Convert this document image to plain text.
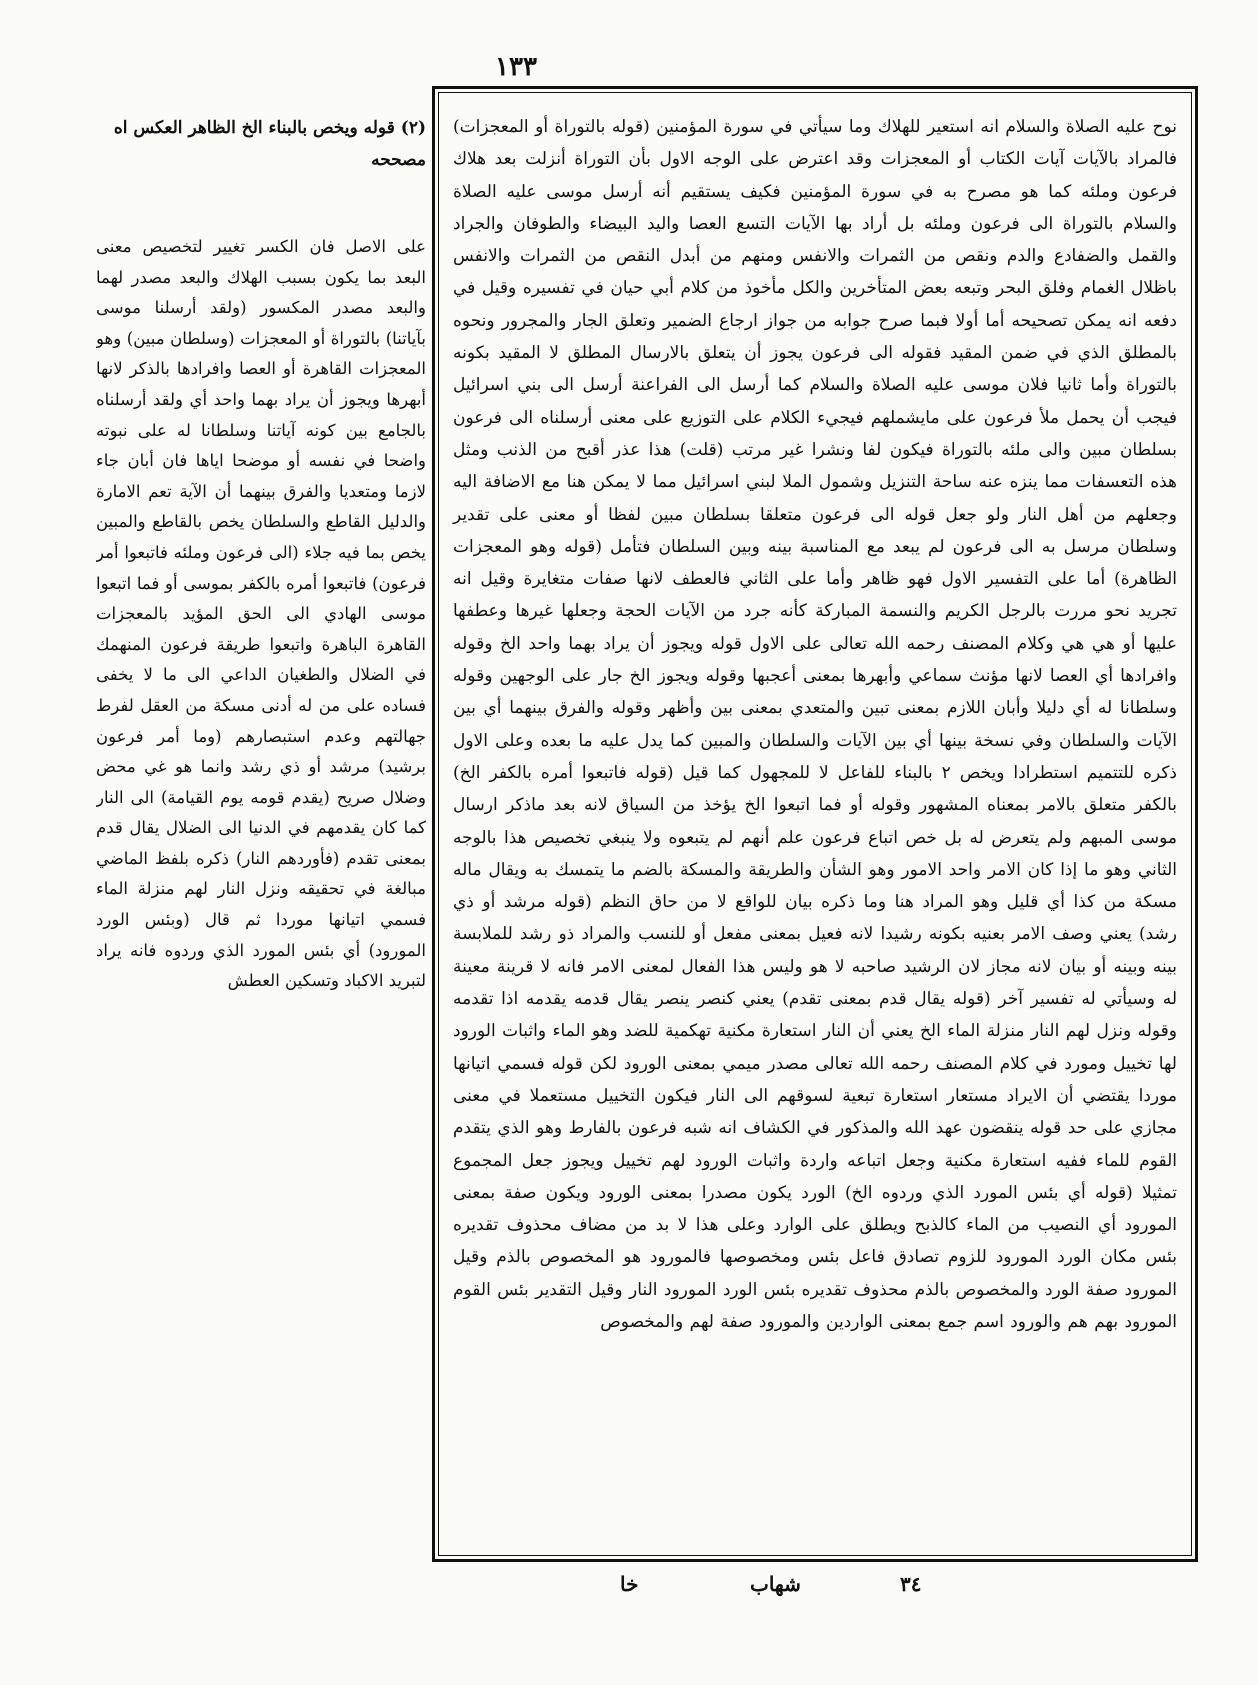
١٣٣

نوح عليه الصلاة والسلام انه استعير للهلاك وما سيأتي في سورة المؤمنين (قوله بالتوراة أو المعجزات) فالمراد بالآيات آيات الكتاب أو المعجزات وقد اعترض على الوجه الاول بأن التوراة أنزلت بعد هلاك فرعون وملئه كما هو مصرح به في سورة المؤمنين فكيف يستقيم أنه أرسل موسى عليه الصلاة والسلام بالتوراة الى فرعون وملئه بل أراد بها الآيات التسع العصا واليد البيضاء والطوفان والجراد والقمل والضفادع والدم ونقص من الثمرات والانفس ومنهم من أبدل النقص من الثمرات والانفس باظلال الغمام وفلق البحر وتبعه بعض المتأخرين والكل مأخوذ من كلام أبي حيان في تفسيره وقيل في دفعه انه يمكن تصحيحه أما أولا فبما صرح جوابه من جواز ارجاع الضمير وتعلق الجار والمجرور ونحوه بالمطلق الذي في ضمن المقيد فقوله الى فرعون يجوز أن يتعلق بالارسال المطلق لا المقيد بكونه بالتوراة وأما ثانيا فلان موسى عليه الصلاة والسلام كما أرسل الى الفراعنة أرسل الى بني اسرائيل فيجب أن يحمل ملأ فرعون على مايشملهم فيجيء الكلام على التوزيع على معنى أرسلناه الى فرعون بسلطان مبين والى ملئه بالتوراة فيكون لفا ونشرا غير مرتب (قلت) هذا عذر أقبح من الذنب ومثل هذه التعسفات مما ينزه عنه ساحة التنزيل وشمول الملا لبني اسرائيل مما لا يمكن هنا مع الاضافة اليه وجعلهم من أهل النار ولو جعل قوله الى فرعون متعلقا بسلطان مبين لفظا أو معنى على تقدير وسلطان مرسل به الى فرعون لم يبعد مع المناسبة بينه وبين السلطان فتأمل (قوله وهو المعجزات الظاهرة) أما على التفسير الاول فهو ظاهر وأما على الثاني فالعطف لانها صفات متغايرة وقيل انه تجريد نحو مررت بالرجل الكريم والنسمة المباركة كأنه جرد من الآيات الحجة وجعلها غيرها وعطفها عليها أو هي هي وكلام المصنف رحمه الله تعالى على الاول قوله ويجوز أن يراد بهما واحد الخ وقوله وافرادها أي العصا لانها مؤنث سماعي وأبهرها بمعنى أعجبها وقوله ويجوز الخ جار على الوجهين وقوله وسلطانا له أي دليلا وأبان اللازم بمعنى تبين والمتعدي بمعنى بين وأظهر وقوله والفرق بينهما أي بين الآيات والسلطان وفي نسخة بينها أي بين الآيات والسلطان والمبين كما يدل عليه ما بعده وعلى الاول ذكره للتتميم استطرادا ويخص ٢ بالبناء للفاعل لا للمجهول كما قيل (قوله فاتبعوا أمره بالكفر الخ) بالكفر متعلق بالامر بمعناه المشهور وقوله أو فما اتبعوا الخ يؤخذ من السياق لانه بعد ماذكر ارسال موسى المبهم ولم يتعرض له بل خص اتباع فرعون علم أنهم لم يتبعوه ولا ينبغي تخصيص هذا بالوجه الثاني وهو ما إذا كان الامر واحد الامور وهو الشأن والطريقة والمسكة بالضم ما يتمسك به ويقال ماله مسكة من كذا أي قليل وهو المراد هنا وما ذكره بيان للواقع لا من حاق النظم (قوله مرشد أو ذي رشد) يعني وصف الامر بعنيه بكونه رشيدا لانه فعيل بمعنى مفعل أو للنسب والمراد ذو رشد للملابسة بينه وبينه أو بيان لانه مجاز لان الرشيد صاحبه لا هو وليس هذا الفعال لمعنى الامر فانه لا قرينة معينة له وسيأتي له تفسير آخر (قوله يقال قدم بمعنى تقدم) يعني كنصر ينصر يقال قدمه يقدمه اذا تقدمه وقوله ونزل لهم النار منزلة الماء الخ يعني أن النار استعارة مكنية تهكمية للضد وهو الماء واثبات الورود لها تخييل ومورد في كلام المصنف رحمه الله تعالى مصدر ميمي بمعنى الورود لكن قوله فسمي اتيانها موردا يقتضي أن الايراد مستعار استعارة تبعية لسوقهم الى النار فيكون التخييل مستعملا في معنى مجازي على حد قوله ينقضون عهد الله والمذكور في الكشاف انه شبه فرعون بالفارط وهو الذي يتقدم القوم للماء ففيه استعارة مكنية وجعل اتباعه واردة واثبات الورود لهم تخييل ويجوز جعل المجموع تمثيلا (قوله أي بئس المورد الذي وردوه الخ) الورد يكون مصدرا بمعنى الورود ويكون صفة بمعنى المورود أي النصيب من الماء كالذبح ويطلق على الوارد وعلى هذا لا بد من مضاف محذوف تقديره بئس مكان الورد المورود للزوم تصادق فاعل بئس ومخصوصها فالمورود هو المخصوص بالذم وقيل المورود صفة الورد والمخصوص بالذم محذوف تقديره بئس الورد المورود النار وقيل التقدير بئس القوم المورود بهم هم والورود اسم جمع بمعنى الواردين والمورود صفة لهم والمخصوص

(٢) قوله ويخص بالبناء الخ الظاهر العكس اه مصححه

على الاصل فان الكسر تغيير لتخصيص معنى البعد بما يكون بسبب الهلاك والبعد مصدر لهما والبعد مصدر المكسور (ولقد أرسلنا موسى بآياتنا) بالتوراة أو المعجزات (وسلطان مبين) وهو المعجزات القاهرة أو العصا وافرادها بالذكر لانها أبهرها ويجوز أن يراد بهما واحد أي ولقد أرسلناه بالجامع بين كونه آياتنا وسلطانا له على نبوته واضحا في نفسه أو موضحا اياها فان أبان جاء لازما ومتعديا والفرق بينهما أن الآية تعم الامارة والدليل القاطع والسلطان يخص بالقاطع والمبين يخص بما فيه جلاء (الى فرعون وملئه فاتبعوا أمر فرعون) فاتبعوا أمره بالكفر بموسى أو فما اتبعوا موسى الهادي الى الحق المؤيد بالمعجزات القاهرة الباهرة واتبعوا طريقة فرعون المنهمك في الضلال والطغيان الداعي الى ما لا يخفى فساده على من له أدنى مسكة من العقل لفرط جهالتهم وعدم استبصارهم (وما أمر فرعون برشيد) مرشد أو ذي رشد وانما هو غي محض وضلال صريح (يقدم قومه يوم القيامة) الى النار كما كان يقدمهم في الدنيا الى الضلال يقال قدم بمعنى تقدم (فأوردهم النار) ذكره بلفظ الماضي مبالغة في تحقيقه ونزل النار لهم منزلة الماء فسمي اتيانها موردا ثم قال (وبئس الورد المورود) أي بئس المورد الذي وردوه فانه يراد لتبريد الاكباد وتسكين العطش

٣٤
شهاب
خا
